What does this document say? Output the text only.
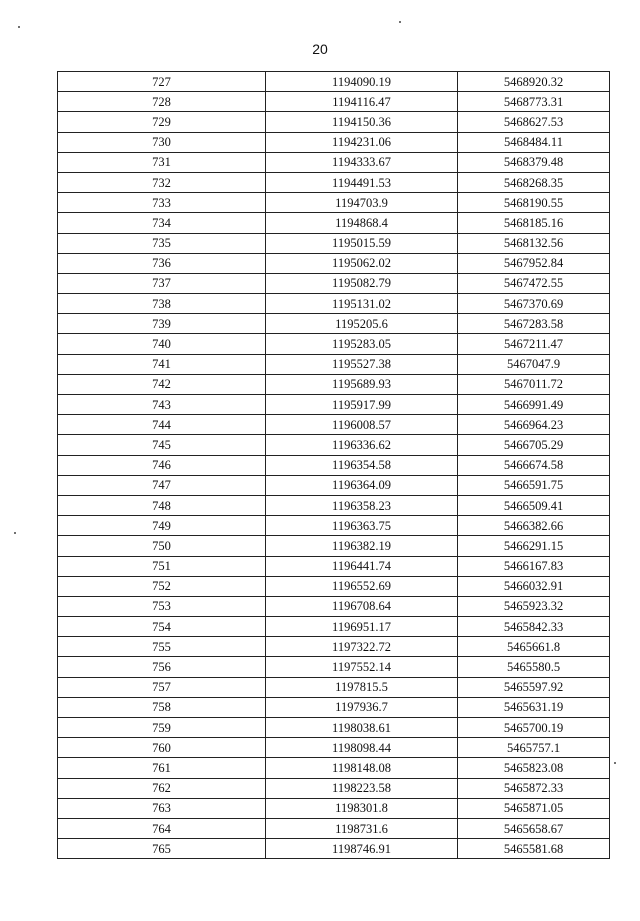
20
727	1194090.19	5468920.32
728	1194116.47	5468773.31
729	1194150.36	5468627.53
730	1194231.06	5468484.11
731	1194333.67	5468379.48
732	1194491.53	5468268.35
733	1194703.9	5468190.55
734	1194868.4	5468185.16
735	1195015.59	5468132.56
736	1195062.02	5467952.84
737	1195082.79	5467472.55
738	1195131.02	5467370.69
739	1195205.6	5467283.58
740	1195283.05	5467211.47
741	1195527.38	5467047.9
742	1195689.93	5467011.72
743	1195917.99	5466991.49
744	1196008.57	5466964.23
745	1196336.62	5466705.29
746	1196354.58	5466674.58
747	1196364.09	5466591.75
748	1196358.23	5466509.41
749	1196363.75	5466382.66
750	1196382.19	5466291.15
751	1196441.74	5466167.83
752	1196552.69	5466032.91
753	1196708.64	5465923.32
754	1196951.17	5465842.33
755	1197322.72	5465661.8
756	1197552.14	5465580.5
757	1197815.5	5465597.92
758	1197936.7	5465631.19
759	1198038.61	5465700.19
760	1198098.44	5465757.1
761	1198148.08	5465823.08
762	1198223.58	5465872.33
763	1198301.8	5465871.05
764	1198731.6	5465658.67
765	1198746.91	5465581.68
